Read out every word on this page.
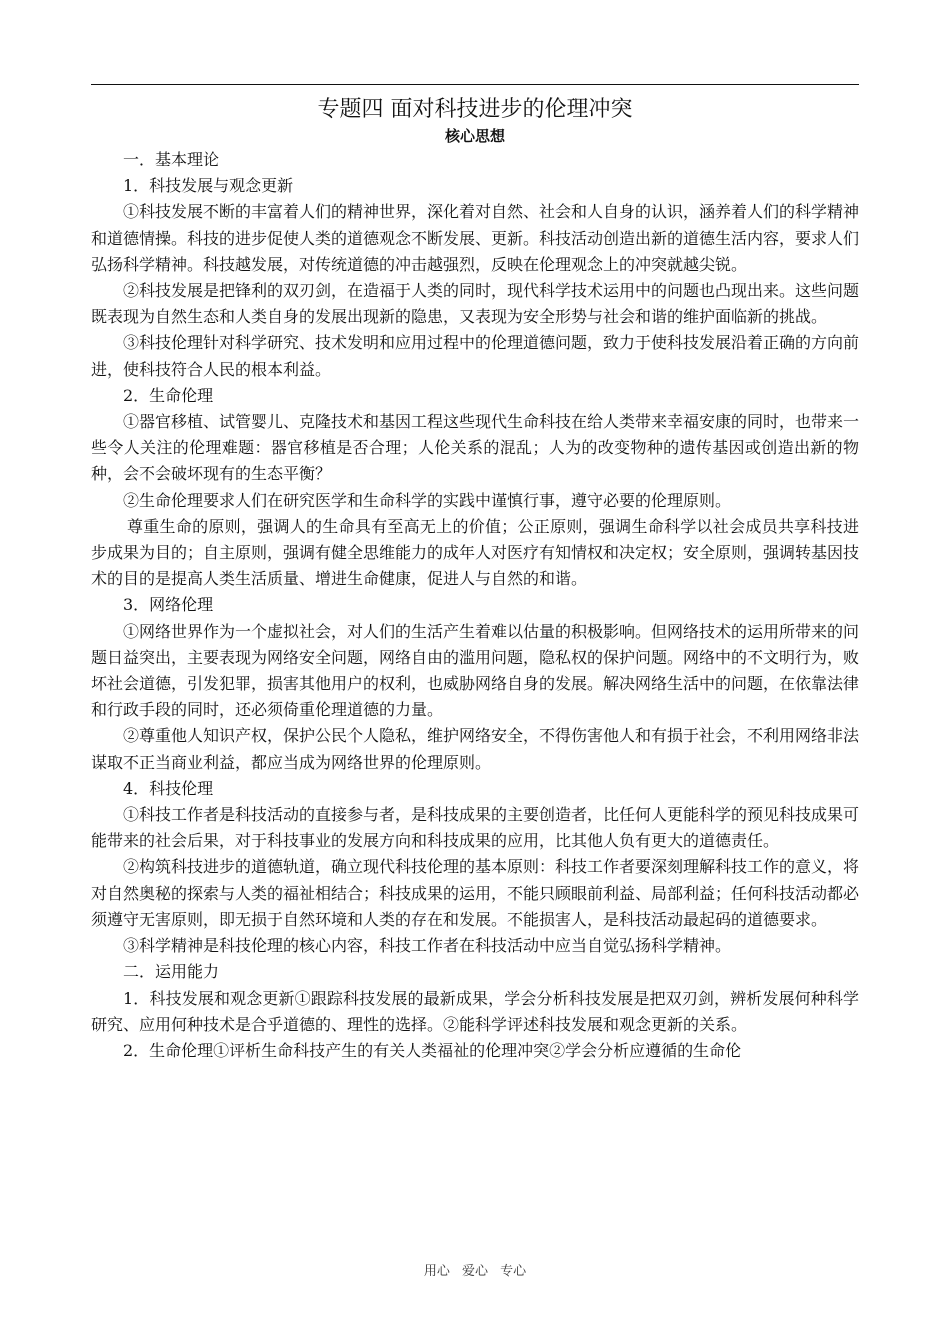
专题四 面对科技进步的伦理冲突
核心思想

一．基本理论

1．科技发展与观念更新

①科技发展不断的丰富着人们的精神世界，深化着对自然、社会和人自身的认识，涵养着人们的科学精神和道德情操。科技的进步促使人类的道德观念不断发展、更新。科技活动创造出新的道德生活内容，要求人们弘扬科学精神。科技越发展，对传统道德的冲击越强烈，反映在伦理观念上的冲突就越尖锐。

②科技发展是把锋利的双刃剑，在造福于人类的同时，现代科学技术运用中的问题也凸现出来。这些问题既表现为自然生态和人类自身的发展出现新的隐患，又表现为安全形势与社会和谐的维护面临新的挑战。

③科技伦理针对科学研究、技术发明和应用过程中的伦理道德问题，致力于使科技发展沿着正确的方向前进，使科技符合人民的根本利益。

2．生命伦理

①器官移植、试管婴儿、克隆技术和基因工程这些现代生命科技在给人类带来幸福安康的同时，也带来一些令人关注的伦理难题：器官移植是否合理；人伦关系的混乱；人为的改变物种的遗传基因或创造出新的物种，会不会破坏现有的生态平衡？

②生命伦理要求人们在研究医学和生命科学的实践中谨慎行事，遵守必要的伦理原则。

尊重生命的原则，强调人的生命具有至高无上的价值；公正原则，强调生命科学以社会成员共享科技进步成果为目的；自主原则，强调有健全思维能力的成年人对医疗有知情权和决定权；安全原则，强调转基因技术的目的是提高人类生活质量、增进生命健康，促进人与自然的和谐。

3．网络伦理

①网络世界作为一个虚拟社会，对人们的生活产生着难以估量的积极影响。但网络技术的运用所带来的问题日益突出，主要表现为网络安全问题，网络自由的滥用问题，隐私权的保护问题。网络中的不文明行为，败坏社会道德，引发犯罪，损害其他用户的权利，也威胁网络自身的发展。解决网络生活中的问题，在依靠法律和行政手段的同时，还必须倚重伦理道德的力量。

②尊重他人知识产权，保护公民个人隐私，维护网络安全，不得伤害他人和有损于社会，不利用网络非法谋取不正当商业利益，都应当成为网络世界的伦理原则。

4．科技伦理

①科技工作者是科技活动的直接参与者，是科技成果的主要创造者，比任何人更能科学的预见科技成果可能带来的社会后果，对于科技事业的发展方向和科技成果的应用，比其他人负有更大的道德责任。

②构筑科技进步的道德轨道，确立现代科技伦理的基本原则：科技工作者要深刻理解科技工作的意义，将对自然奥秘的探索与人类的福祉相结合；科技成果的运用，不能只顾眼前利益、局部利益；任何科技活动都必须遵守无害原则，即无损于自然环境和人类的存在和发展。不能损害人，是科技活动最起码的道德要求。

③科学精神是科技伦理的核心内容，科技工作者在科技活动中应当自觉弘扬科学精神。

二．运用能力

1．科技发展和观念更新①跟踪科技发展的最新成果，学会分析科技发展是把双刃剑，辨析发展何种科学研究、应用何种技术是合乎道德的、理性的选择。②能科学评述科技发展和观念更新的关系。

2．生命伦理①评析生命科技产生的有关人类福祉的伦理冲突②学会分析应遵循的生命伦

用心 爱心 专心
